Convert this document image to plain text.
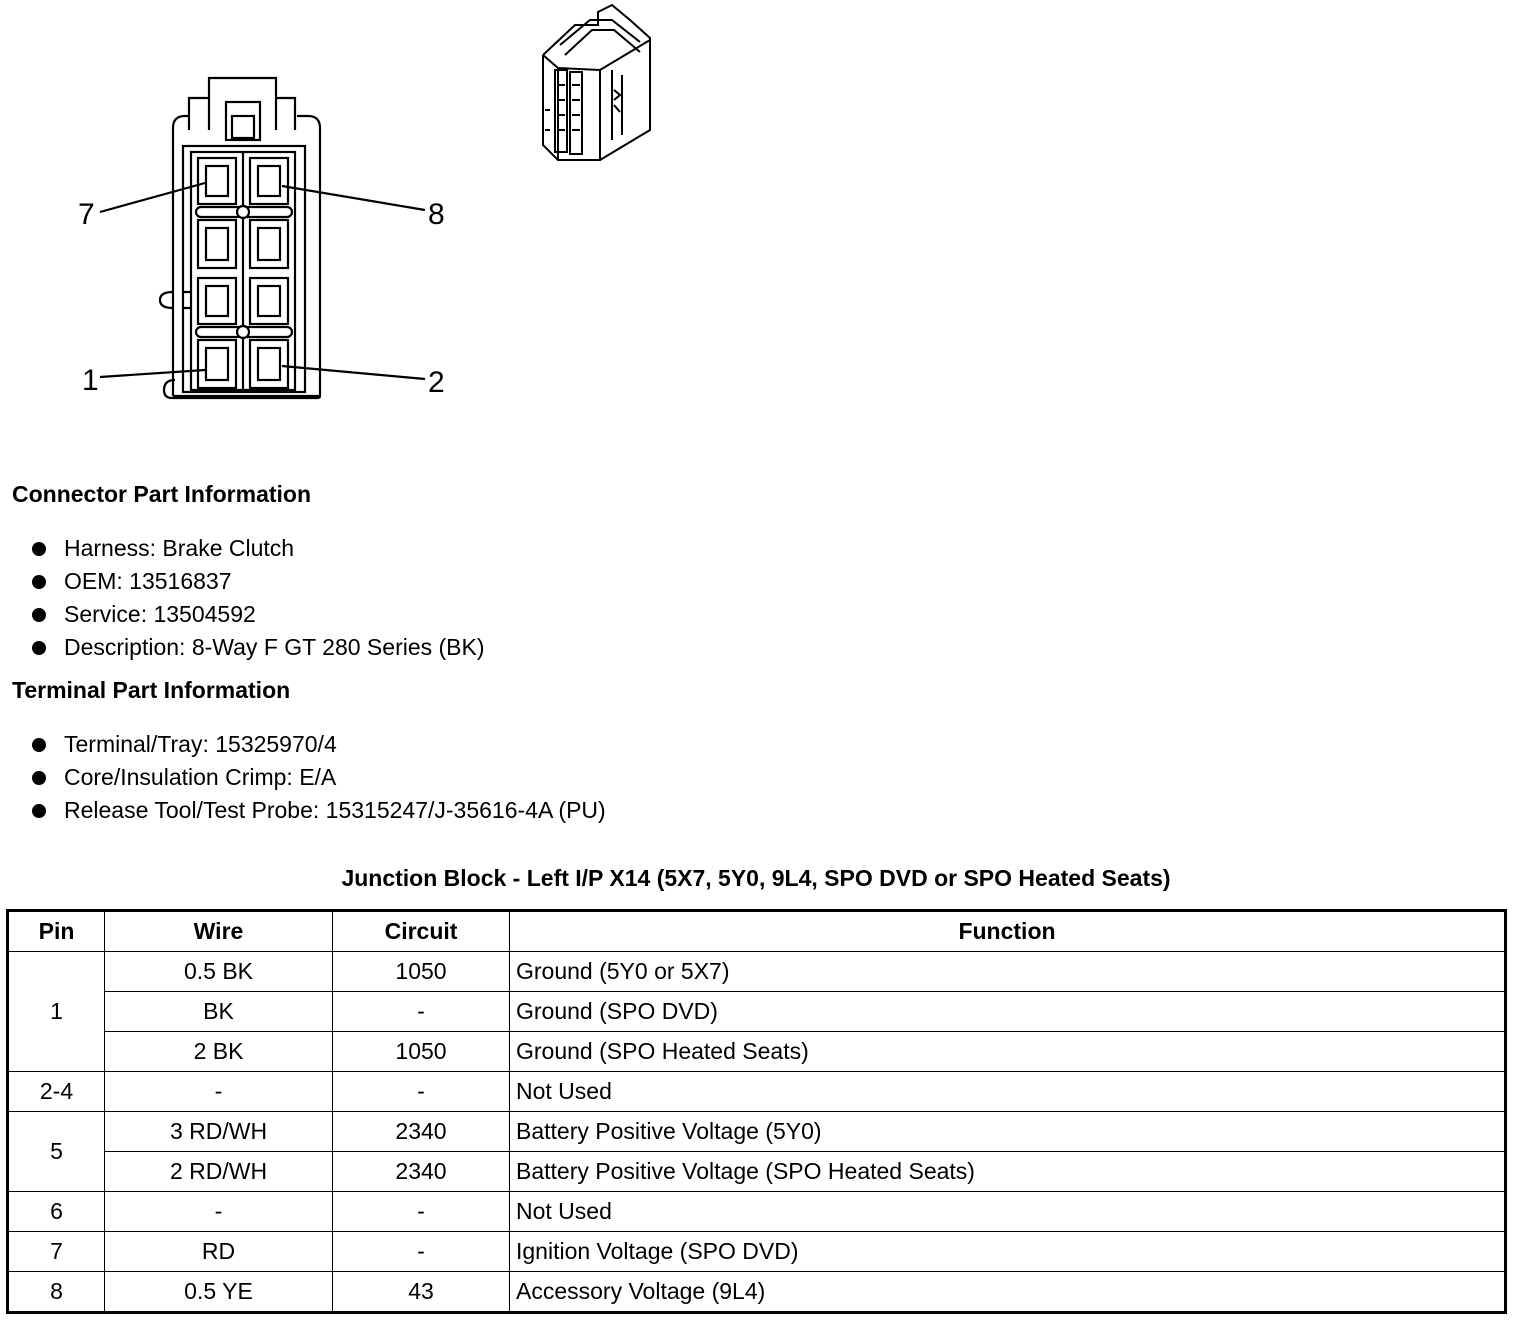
7	8
1	2
Connector Part Information
Harness: Brake Clutch
OEM: 13516837
Service: 13504592
Description: 8-Way F GT 280 Series (BK)
Terminal Part Information
Terminal/Tray: 15325970/4
Core/Insulation Crimp: E/A
Release Tool/Test Probe: 15315247/J-35616-4A (PU)
Junction Block - Left I/P X14 (5X7, 5Y0, 9L4, SPO DVD or SPO Heated Seats)
Pin	Wire	Circuit	Function
1	0.5 BK	1050	Ground (5Y0 or 5X7)
	BK	-	Ground (SPO DVD)
	2 BK	1050	Ground (SPO Heated Seats)
2-4	-	-	Not Used
5	3 RD/WH	2340	Battery Positive Voltage (5Y0)
	2 RD/WH	2340	Battery Positive Voltage (SPO Heated Seats)
6	-	-	Not Used
7	RD	-	Ignition Voltage (SPO DVD)
8	0.5 YE	43	Accessory Voltage (9L4)
